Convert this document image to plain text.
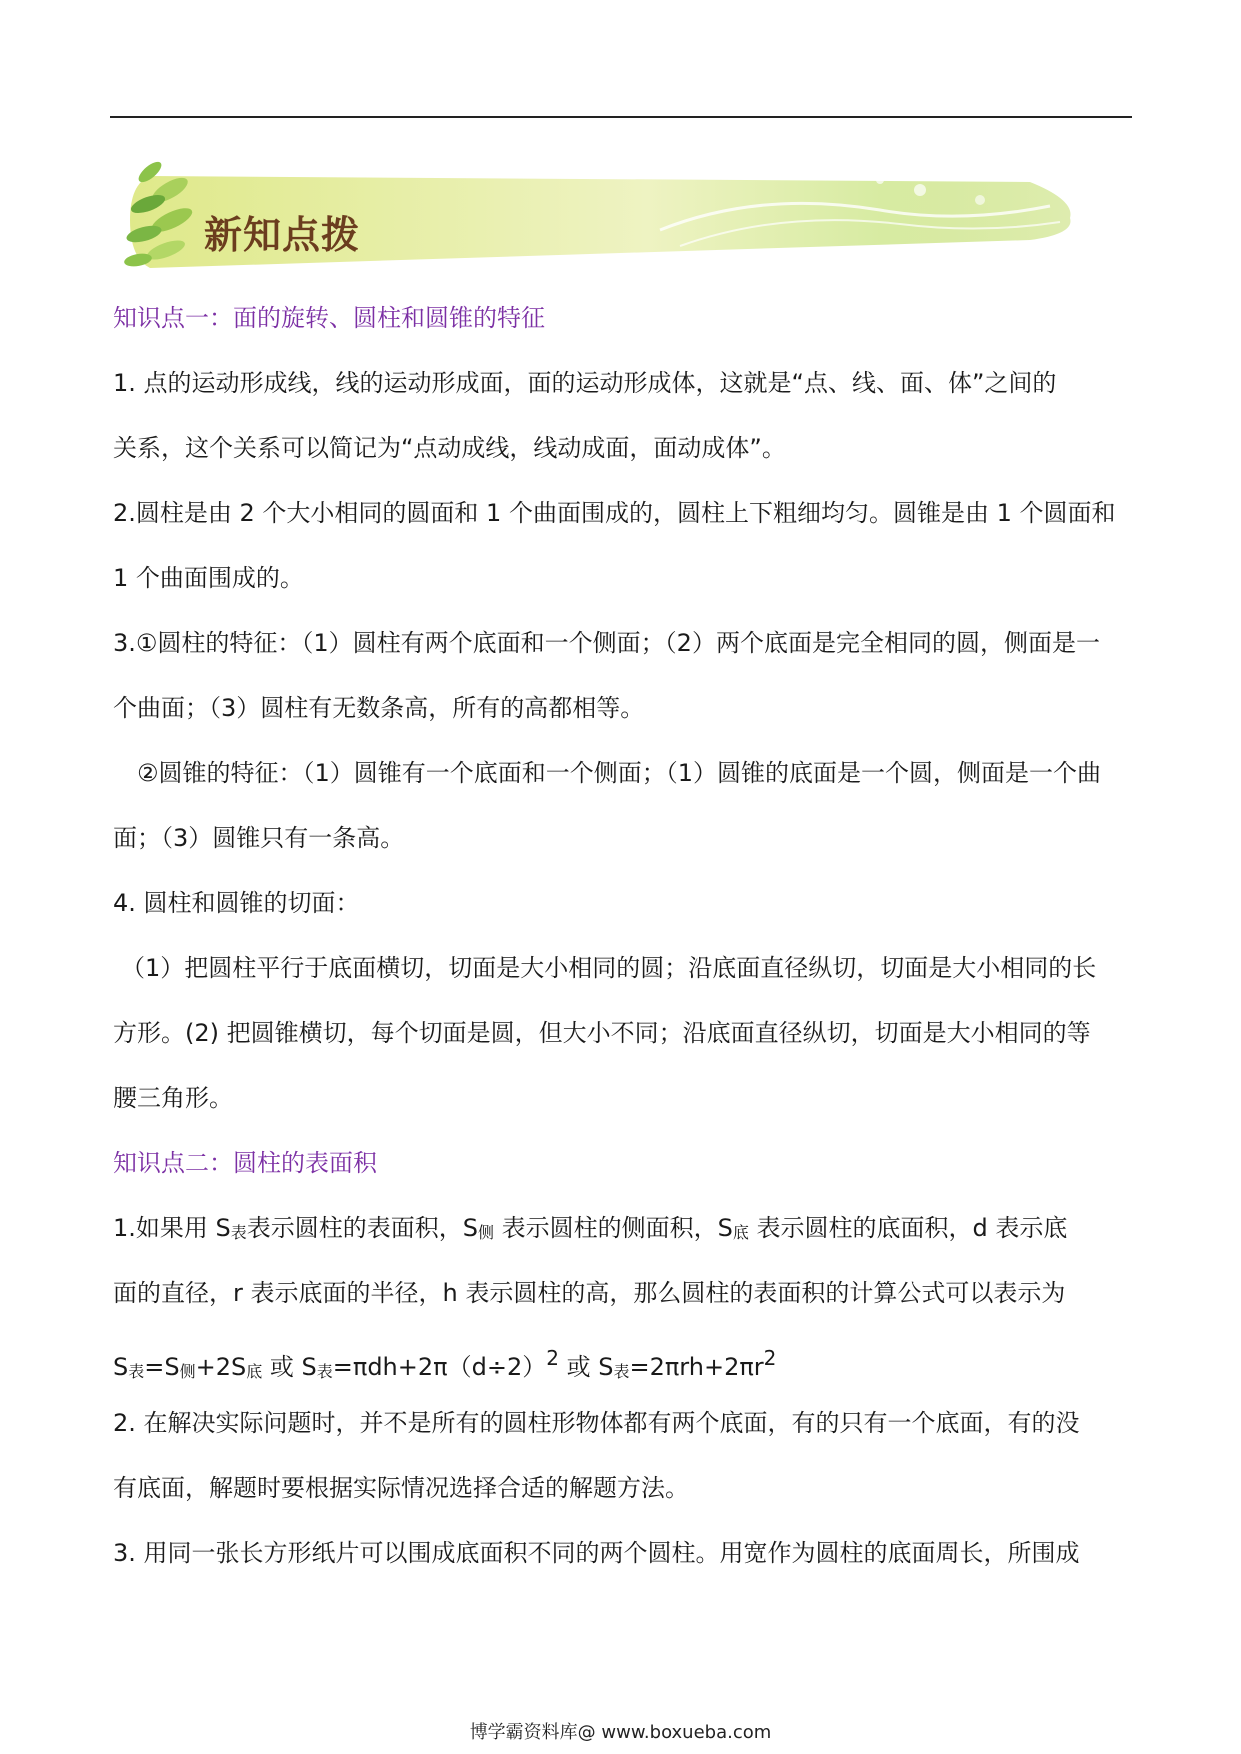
新知点拨
知识点一：面的旋转、圆柱和圆锥的特征
1. 点的运动形成线，线的运动形成面，面的运动形成体，这就是“点、线、面、体”之间的
关系，这个关系可以简记为“点动成线，线动成面，面动成体”。
2.圆柱是由 2 个大小相同的圆面和 1 个曲面围成的，圆柱上下粗细均匀。圆锥是由 1 个圆面和
1 个曲面围成的。
3.①圆柱的特征：（1）圆柱有两个底面和一个侧面；（2）两个底面是完全相同的圆，侧面是一
个曲面；（3）圆柱有无数条高，所有的高都相等。
②圆锥的特征：（1）圆锥有一个底面和一个侧面；（1）圆锥的底面是一个圆，侧面是一个曲
面；（3）圆锥只有一条高。
4. 圆柱和圆锥的切面：
（1）把圆柱平行于底面横切，切面是大小相同的圆；沿底面直径纵切，切面是大小相同的长
方形。(2) 把圆锥横切，每个切面是圆，但大小不同；沿底面直径纵切，切面是大小相同的等
腰三角形。
知识点二：圆柱的表面积
1.如果用 $S_表$表示圆柱的表面积，$S_侧$ 表示圆柱的侧面积，$S_底$ 表示圆柱的底面积，d 表示底
面的直径，r 表示底面的半径，h 表示圆柱的高，那么圆柱的表面积的计算公式可以表示为
$S_表=S_侧+2S_底$ 或 $S_表=\pi dh+2\pi(d\div 2)^2$ 或 $S_表=2\pi rh+2\pi r^2$
2. 在解决实际问题时，并不是所有的圆柱形物体都有两个底面，有的只有一个底面，有的没
有底面，解题时要根据实际情况选择合适的解题方法。
3. 用同一张长方形纸片可以围成底面积不同的两个圆柱。用宽作为圆柱的底面周长，所围成
博学霸资料库@ www.boxueba.com
